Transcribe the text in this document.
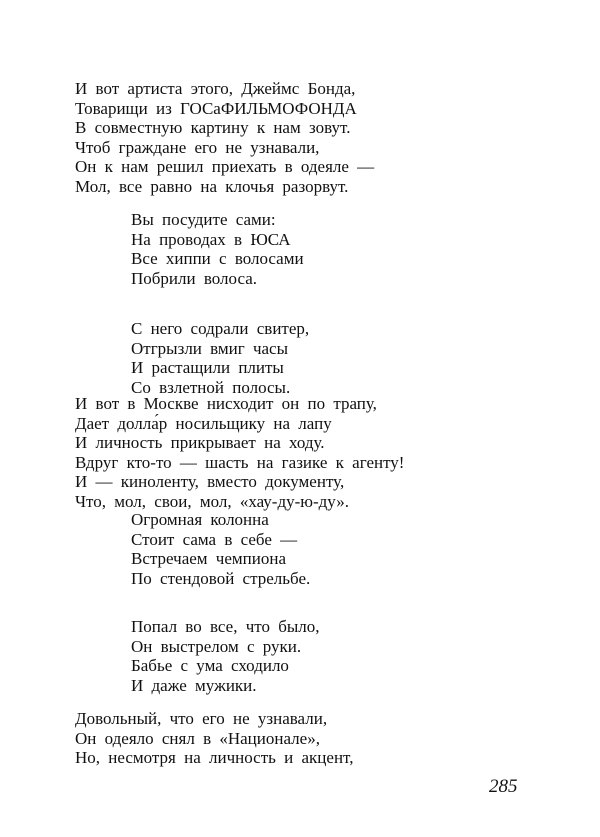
И вот артиста этого, Джеймс Бонда,
Товарищи из ГОСаФИЛЬМОФОНДА
В совместную картину к нам зовут.
Чтоб граждане его не узнавали,
Он к нам решил приехать в одеяле —
Мол, все равно на клочья разорвут.
Вы посудите сами:
На проводах в ЮСА
Все хиппи с волосами
Побрили волоса.
С него содрали свитер,
Отгрызли вмиг часы
И растащили плиты
Со взлетной полосы.
И вот в Москве нисходит он по трапу,
Дает долла́р носильщику на лапу
И личность прикрывает на ходу.
Вдруг кто-то — шасть на газике к агенту!
И — киноленту, вместо документу,
Что, мол, свои, мол, «хау-ду-ю-ду».
Огромная колонна
Стоит сама в себе —
Встречаем чемпиона
По стендовой стрельбе.
Попал во все, что было,
Он выстрелом с руки.
Бабье с ума сходило
И даже мужики.
Довольный, что его не узнавали,
Он одеяло снял в «Национале»,
Но, несмотря на личность и акцент,
285
